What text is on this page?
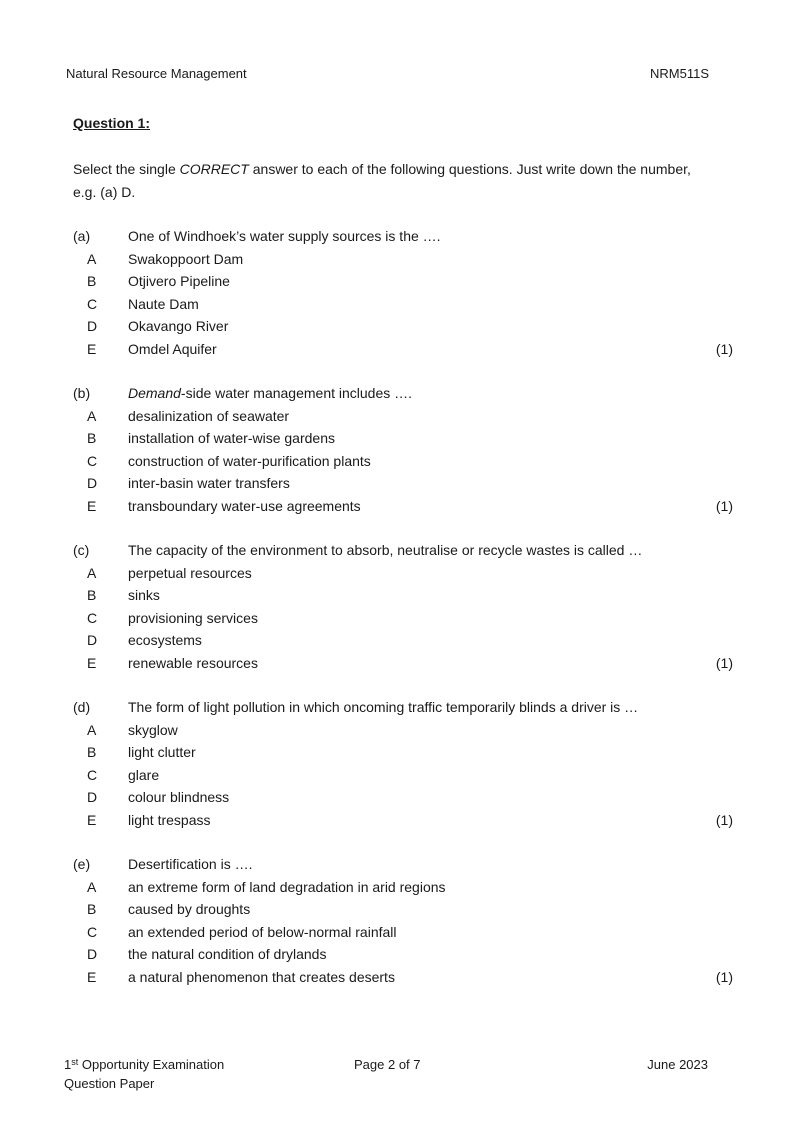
Natural Resource Management	NRM511S
Question 1:
Select the single CORRECT answer to each of the following questions. Just write down the number, e.g. (a) D.
(a)	One of Windhoek’s water supply sources is the ….
A	Swakoppoort Dam
B	Otjivero Pipeline
C	Naute Dam
D	Okavango River
E	Omdel Aquifer	(1)
(b)	Demand-side water management includes ….
A	desalinization of seawater
B	installation of water-wise gardens
C	construction of water-purification plants
D	inter-basin water transfers
E	transboundary water-use agreements	(1)
(c)	The capacity of the environment to absorb, neutralise or recycle wastes is called …
A	perpetual resources
B	sinks
C	provisioning services
D	ecosystems
E	renewable resources	(1)
(d)	The form of light pollution in which oncoming traffic temporarily blinds a driver is …
A	skyglow
B	light clutter
C	glare
D	colour blindness
E	light trespass	(1)
(e)	Desertification is ….
A	an extreme form of land degradation in arid regions
B	caused by droughts
C	an extended period of below-normal rainfall
D	the natural condition of drylands
E	a natural phenomenon that creates deserts	(1)
1st Opportunity Examination
Question Paper
Page 2 of 7	June 2023
